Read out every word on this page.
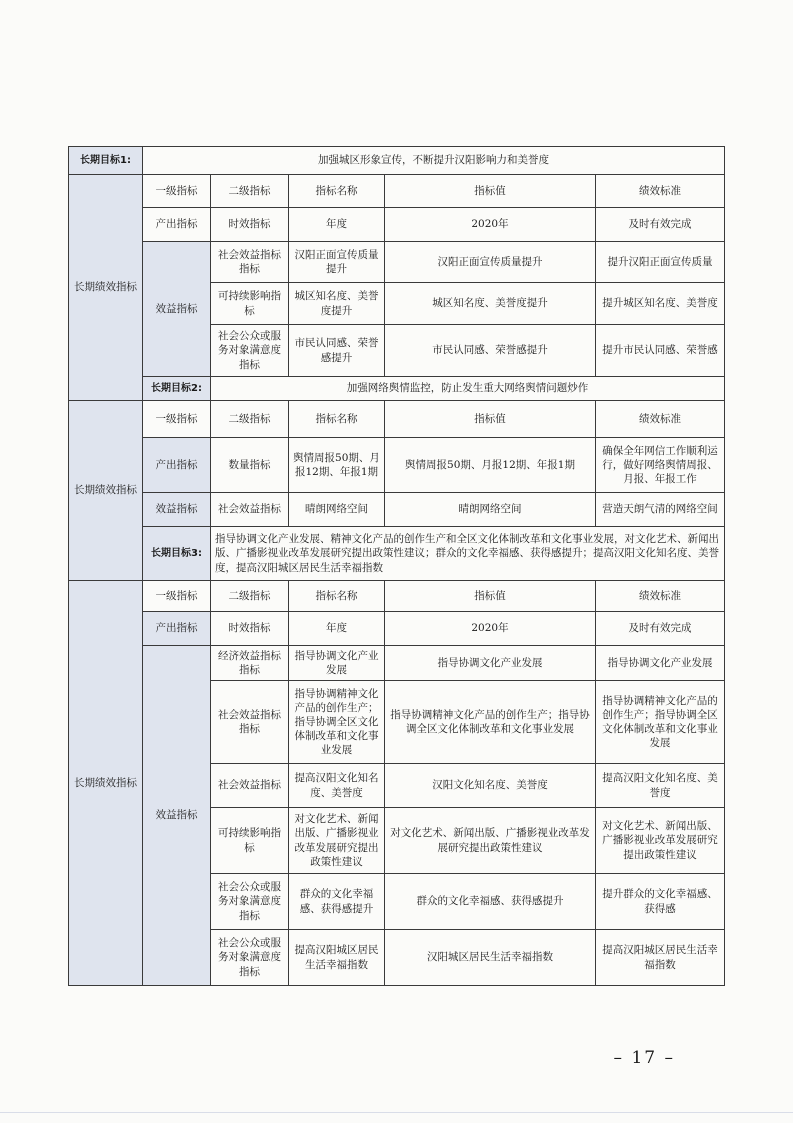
长期目标1:	加强城区形象宣传，不断提升汉阳影响力和美誉度				
长期绩效指标	一级指标	二级指标	指标名称	指标值	绩效标准
	产出指标	时效指标	年度	2020年	及时有效完成
	效益指标	社会效益指标指标	汉阳正面宣传质量提升	汉阳正面宣传质量提升	提升汉阳正面宣传质量
		可持续影响指标	城区知名度、美誉度提升	城区知名度、美誉度提升	提升城区知名度、美誉度
		社会公众或服务对象满意度指标	市民认同感、荣誉感提升	市民认同感、荣誉感提升	提升市民认同感、荣誉感
	长期目标2:	加强网络舆情监控，防止发生重大网络舆情问题炒作			
长期绩效指标	一级指标	二级指标	指标名称	指标值	绩效标准
	产出指标	数量指标	舆情周报50期、月报12期、年报1期	舆情周报50期、月报12期、年报1期	确保全年网信工作顺利运行，做好网络舆情周报、月报、年报工作
	效益指标	社会效益指标	晴朗网络空间	晴朗网络空间	营造天朗气清的网络空间
	长期目标3:	指导协调文化产业发展、精神文化产品的创作生产和全区文化体制改革和文化事业发展，对文化艺术、新闻出版、广播影视业改革发展研究提出政策性建议；群众的文化幸福感、获得感提升；提高汉阳文化知名度、美誉度，提高汉阳城区居民生活幸福指数			
长期绩效指标	一级指标	二级指标	指标名称	指标值	绩效标准
	产出指标	时效指标	年度	2020年	及时有效完成
	效益指标	经济效益指标指标	指导协调文化产业发展	指导协调文化产业发展	指导协调文化产业发展
		社会效益指标指标	指导协调精神文化产品的创作生产；指导协调全区文化体制改革和文化事业发展	指导协调精神文化产品的创作生产；指导协调全区文化体制改革和文化事业发展	指导协调精神文化产品的创作生产；指导协调全区文化体制改革和文化事业发展
		社会效益指标	提高汉阳文化知名度、美誉度	汉阳文化知名度、美誉度	提高汉阳文化知名度、美誉度
		可持续影响指标	对文化艺术、新闻出版、广播影视业改革发展研究提出政策性建议	对文化艺术、新闻出版、广播影视业改革发展研究提出政策性建议	对文化艺术、新闻出版、广播影视业改革发展研究提出政策性建议
		社会公众或服务对象满意度指标	群众的文化幸福感、获得感提升	群众的文化幸福感、获得感提升	提升群众的文化幸福感、获得感
		社会公众或服务对象满意度指标	提高汉阳城区居民生活幸福指数	汉阳城区居民生活幸福指数	提高汉阳城区居民生活幸福指数
– 17 –
